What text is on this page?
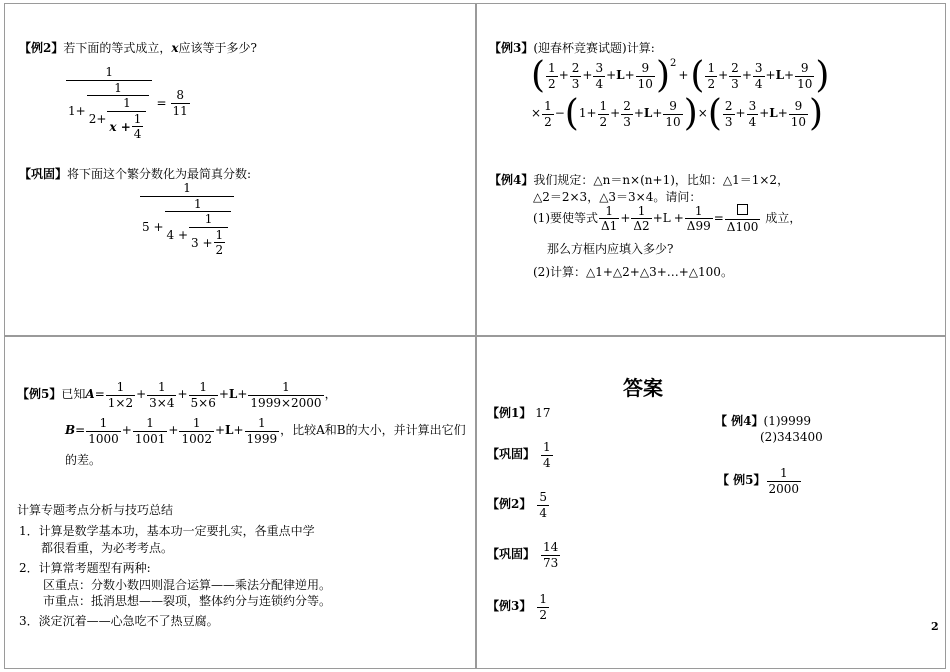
【例2】若下面的等式成立，x应该等于多少?
1
1+
1
2+
1
$x + \frac{1}{4}$
= $\frac{8}{11}$
【巩固】将下面这个繁分数化为最简真分数:
1
5 +
1
4 +
1
$3 + \frac{1}{2}$
【例3】(迎春杯竞赛试题)计算:
( $\frac{1}{2} + \frac{2}{3} + \frac{3}{4} + L + \frac{9}{10} )^2$
+ ( $\frac{1}{2} + \frac{2}{3} + \frac{3}{4} + L + \frac{9}{10}$ )
× $\frac{1}{2}$ − ( $1+ \frac{1}{2} + \frac{2}{3} + L + \frac{9}{10}$ ) × ( $\frac{2}{3} + \frac{3}{4} + L + \frac{9}{10}$ )
【例4】我们规定：△n＝n×(n+1)，比如：△1＝1×2，
△2＝2×3，△3＝3×4。请问：
(1)要使等式 $\frac{1}{\Delta 1} + \frac{1}{\Delta 2} + L + \frac{1}{\Delta 99}$ =
Δ100
成立，
那么方框内应填入多少?
(2)计算：△1+△2+△3+…+△100。
【例5】 已知 $A = \frac{1}{1\times 2} + \frac{1}{3\times 4} + \frac{1}{5\times 6} + L + \frac{1}{1999\times 2000}$ ，
$B = \frac{1}{1000} + \frac{1}{1001} + \frac{1}{1002} + L + \frac{1}{1999}$ ，比较A和B的大小，并计算出它们
的差。
计算专题考点分析与技巧总结
1．计算是数学基本功，基本功一定要扎实，各重点中学
都很看重，为必考考点。
2．计算常考题型有两种:
区重点：分数小数四则混合运算——乘法分配律逆用。
市重点：抵消思想——裂项，整体约分与连锁约分等。
3．淡定沉着——心急吃不了热豆腐。
答案
【例1】 17
【巩固】 $\frac{1}{4}$
【例2】 $\frac{5}{4}$
【巩固】 $\frac{14}{73}$
【例3】 $\frac{1}{2}$
【 例4】(1)9999
(2)343400
【 例5】 $\frac{1}{2000}$
2
